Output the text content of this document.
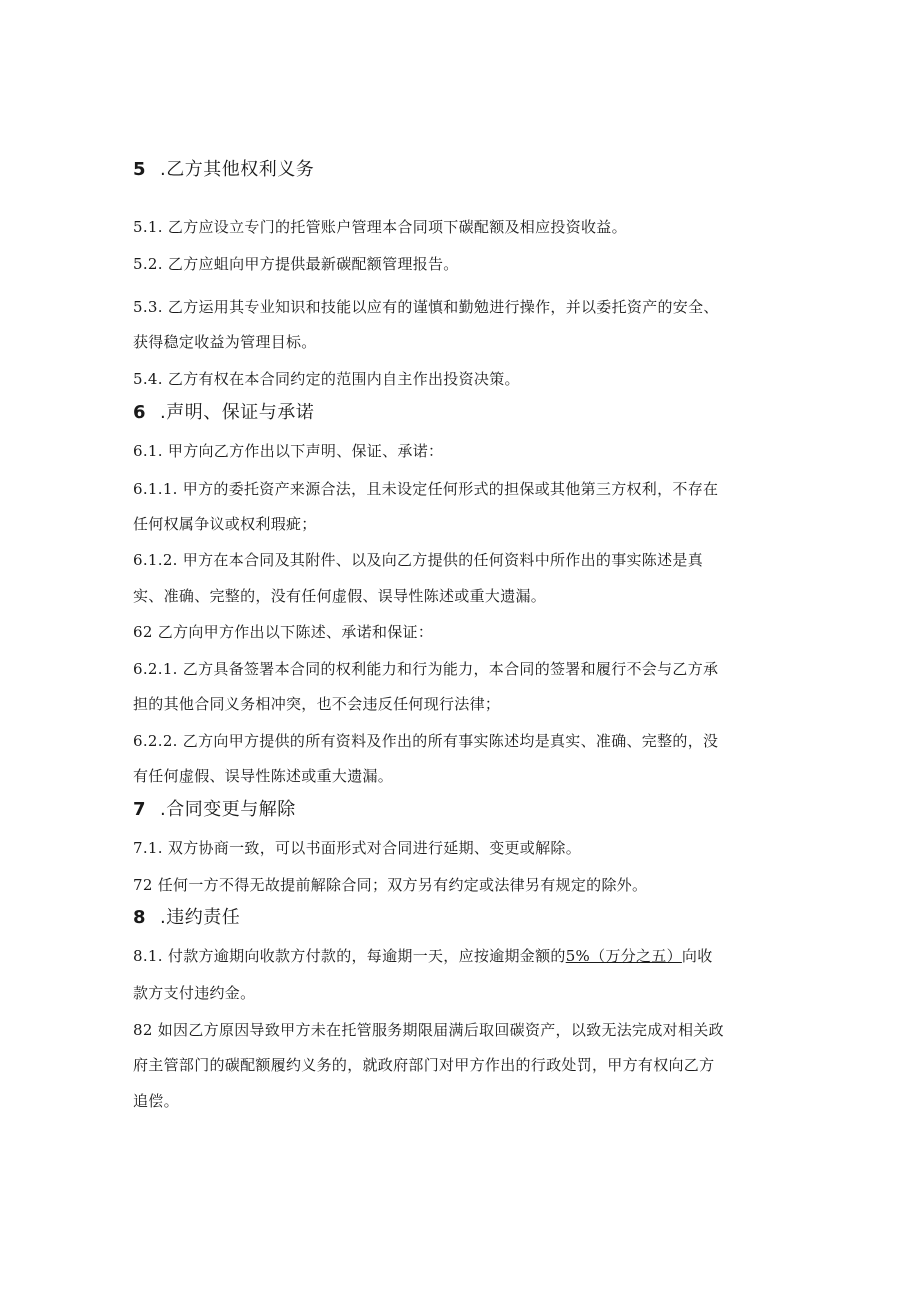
5 .乙方其他权利义务
5.1. 乙方应设立专门的托管账户管理本合同项下碳配额及相应投资收益。
5.2. 乙方应蛆向甲方提供最新碳配额管理报告。
5.3. 乙方运用其专业知识和技能以应有的谨慎和勤勉进行操作，并以委托资产的安全、
获得稳定收益为管理目标。
5.4. 乙方有权在本合同约定的范围内自主作出投资决策。
6 .声明、保证与承诺
6.1. 甲方向乙方作出以下声明、保证、承诺：
6.1.1. 甲方的委托资产来源合法，且未设定任何形式的担保或其他第三方权利，不存在
任何权属争议或权利瑕疵；
6.1.2. 甲方在本合同及其附件、以及向乙方提供的任何资料中所作出的事实陈述是真
实、准确、完整的，没有任何虚假、误导性陈述或重大遗漏。
62 乙方向甲方作出以下陈述、承诺和保证：
6.2.1. 乙方具备签署本合同的权利能力和行为能力，本合同的签署和履行不会与乙方承
担的其他合同义务相冲突，也不会违反任何现行法律；
6.2.2. 乙方向甲方提供的所有资料及作出的所有事实陈述均是真实、准确、完整的，没
有任何虚假、误导性陈述或重大遗漏。
7 .合同变更与解除
7.1. 双方协商一致，可以书面形式对合同进行延期、变更或解除。
72 任何一方不得无故提前解除合同；双方另有约定或法律另有规定的除外。
8 .违约责任
8.1. 付款方逾期向收款方付款的，每逾期一天，应按逾期金额的5%（万分之五）向收
款方支付违约金。
82 如因乙方原因导致甲方未在托管服务期限届满后取回碳资产，以致无法完成对相关政
府主管部门的碳配额履约义务的，就政府部门对甲方作出的行政处罚，甲方有权向乙方
追偿。
